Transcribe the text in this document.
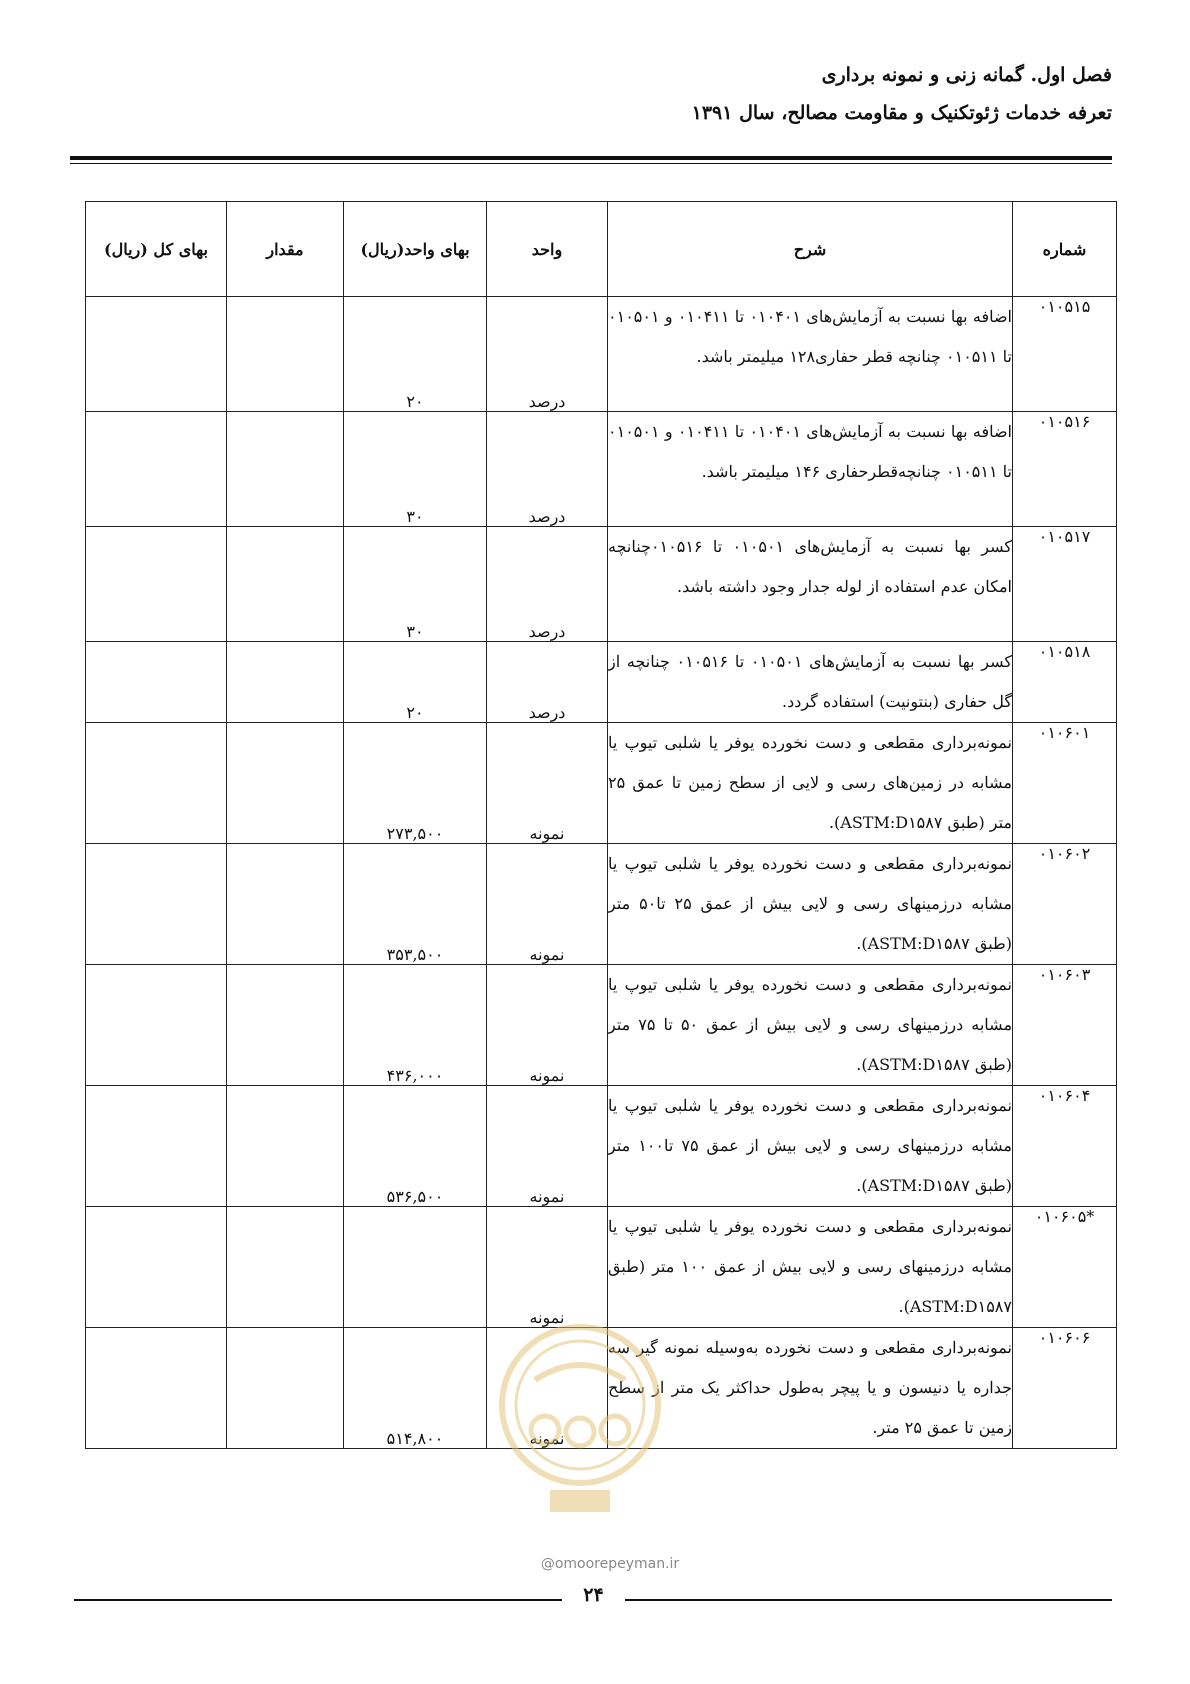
فصل اول. گمانه زنی و نمونه برداری
تعرفه خدمات ژئوتکنیک و مقاومت مصالح، سال ۱۳۹۱
شماره	شرح	واحد	بهای واحد(ریال)	مقدار	بهای کل (ریال)
۰۱۰۵۱۵	اضافه بها نسبت به آزمایش‌های ۰۱۰۴۰۱ تا ۰۱۰۴۱۱ و ۰۱۰۵۰۱ تا ۰۱۰۵۱۱ چنانچه قطر حفاری۱۲۸ میلیمتر باشد.	درصد	۲۰		
۰۱۰۵۱۶	اضافه بها نسبت به آزمایش‌های ۰۱۰۴۰۱ تا ۰۱۰۴۱۱ و ۰۱۰۵۰۱ تا ۰۱۰۵۱۱ چنانچه‌قطرحفاری ۱۴۶ میلیمتر باشد.	درصد	۳۰		
۰۱۰۵۱۷	کسر بها نسبت به آزمایش‌های ۰۱۰۵۰۱ تا ۰۱۰۵۱۶چنانچه امکان عدم استفاده از لوله جدار وجود داشته باشد.	درصد	۳۰		
۰۱۰۵۱۸	کسر بها نسبت به آزمایش‌های ۰۱۰۵۰۱ تا ۰۱۰۵۱۶ چنانچه از گل حفاری (بنتونیت) استفاده گردد.	درصد	۲۰		
۰۱۰۶۰۱	نمونه‌برداری مقطعی و دست نخورده یوفر یا شلبی تیوپ یا مشابه در زمین‌های رسی و لایی از سطح زمین تا عمق ۲۵ متر (طبق ASTM:D۱۵۸۷).	نمونه	۲۷۳,۵۰۰		
۰۱۰۶۰۲	نمونه‌برداری مقطعی و دست نخورده یوفر یا شلبی تیوپ یا مشابه درزمینهای رسی و لایی بیش از عمق ۲۵ تا۵۰ متر (طبق ASTM:D۱۵۸۷).	نمونه	۳۵۳,۵۰۰		
۰۱۰۶۰۳	نمونه‌برداری مقطعی و دست نخورده یوفر یا شلبی تیوپ یا مشابه درزمینهای رسی و لایی بیش از عمق ۵۰ تا ۷۵ متر (طبق ASTM:D۱۵۸۷).	نمونه	۴۳۶,۰۰۰		
۰۱۰۶۰۴	نمونه‌برداری مقطعی و دست نخورده یوفر یا شلبی تیوپ یا مشابه درزمینهای رسی و لایی بیش از عمق ۷۵ تا۱۰۰ متر (طبق ASTM:D۱۵۸۷).	نمونه	۵۳۶,۵۰۰		
*۰۱۰۶۰۵	نمونه‌برداری مقطعی و دست نخورده یوفر یا شلبی تیوپ یا مشابه درزمینهای رسی و لایی بیش از عمق ۱۰۰ متر (طبق ASTM:D۱۵۸۷).	نمونه			
۰۱۰۶۰۶	نمونه‌برداری مقطعی و دست نخورده به‌وسیله نمونه گیر سه جداره یا دنیسون و یا پیچر به‌طول حداکثر یک متر از سطح زمین تا عمق ۲۵ متر.	نمونه	۵۱۴,۸۰۰		
@omoorepeyman.ir
۲۴
